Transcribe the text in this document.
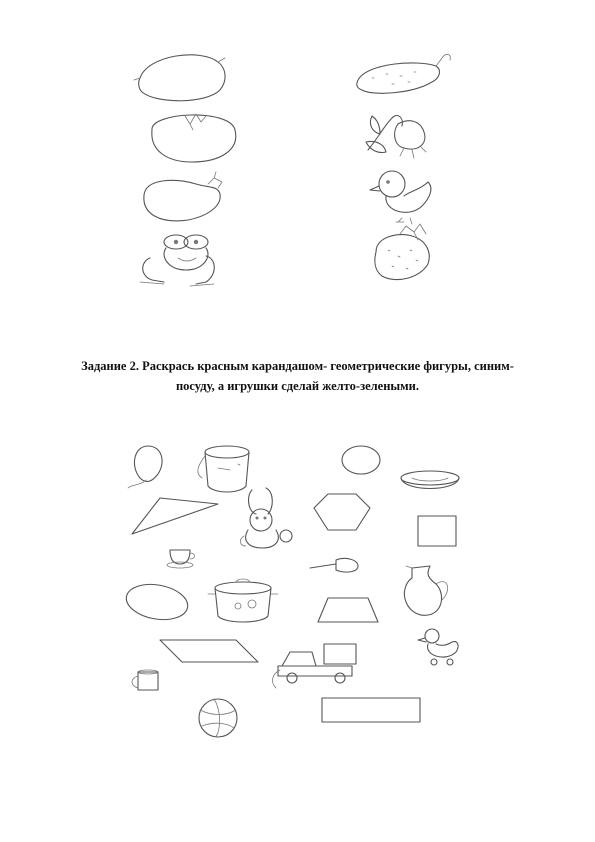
Задание 2. Раскрась красным карандашом- геометрические фигуры, синим-
посуду, а игрушки сделай желто-зелеными.
